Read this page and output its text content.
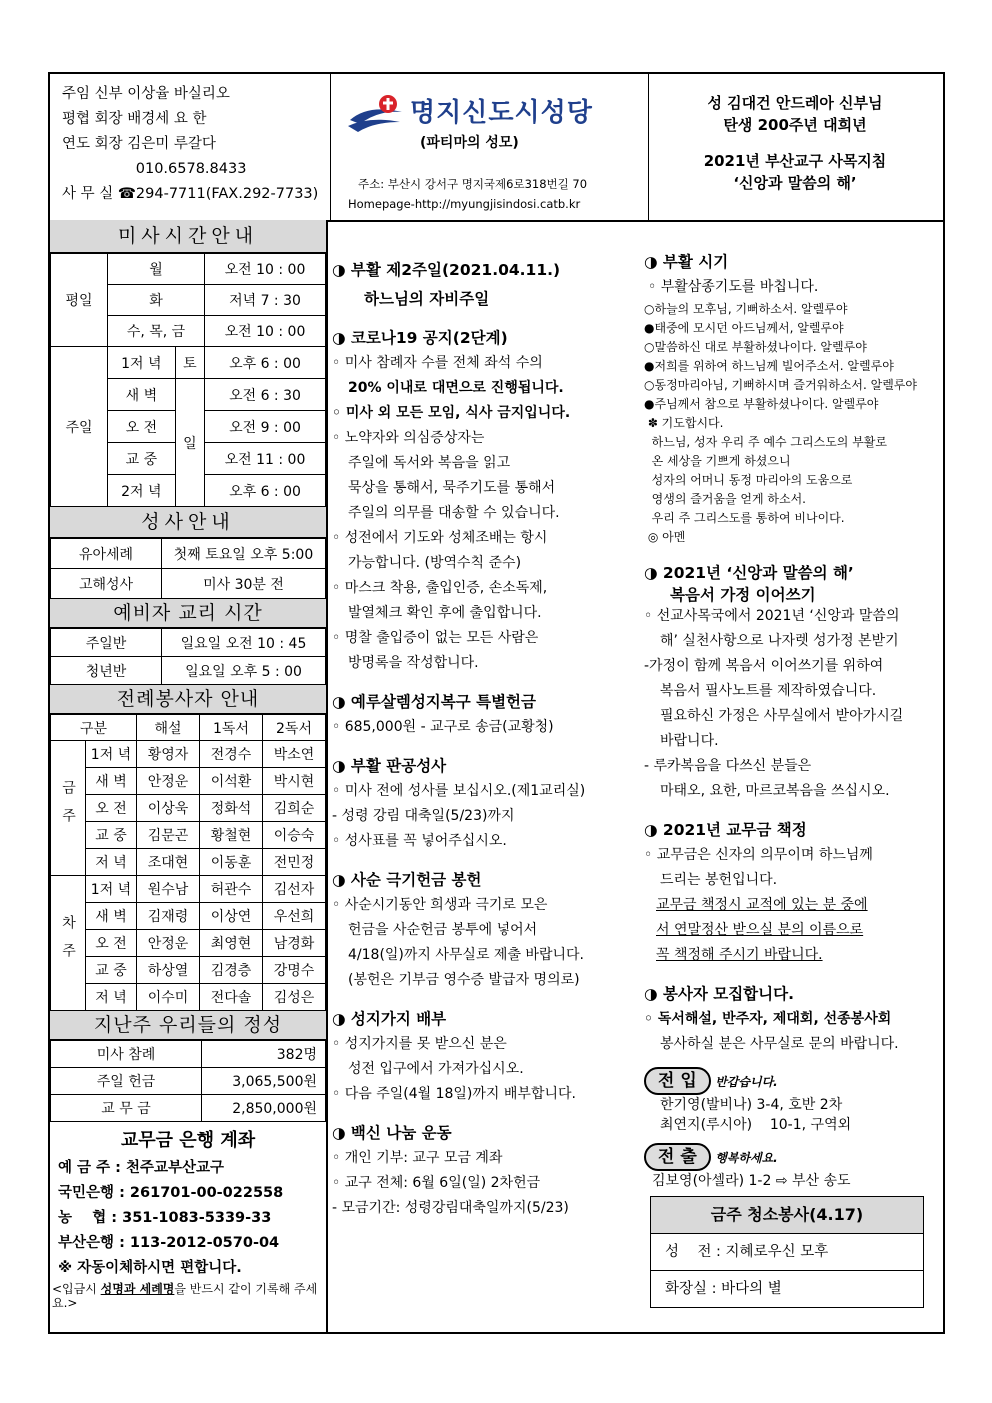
주임 신부 이상율 바실리오
평협 회장 배경세 요 한
연도 회장 김은미 루갈다
010.6578.8433
사 무 실 ☎294-7711(FAX.292-7733)
명지신도시성당
(파티마의 성모)
주소: 부산시 강서구 명지국제6로318번길 70
Homepage-http://myungjisindosi.catb.kr
성 김대건 안드레아 신부님
탄생 200주년 대희년
2021년 부산교구 사목지침
‘신앙과 말씀의 해’
미사시간안내
평일	월		오전 10 : 00
	화		저녁 7 : 30
	수, 목, 금		오전 10 : 00
주일	1저 녁	토	오후 6 : 00
	새 벽	일	오전 6 : 30
	오 전		오전 9 : 00
	교 중		오전 11 : 00
	2저 녁		오후 6 : 00
성사안내
유아세례	첫째 토요일 오후 5:00
고해성사	미사 30분 전
예비자 교리 시간
주일반	일요일 오전 10 : 45
청년반	일요일 오후 5 : 00
전례봉사자 안내
구분		해설	1독서	2독서
금주	1저 녁	황영자	전경수	박소연
	새 벽	안정운	이석환	박시현
	오 전	이상욱	정화석	김희순
	교 중	김문곤	황철현	이승숙
	저 녁	조대현	이동훈	전민정
차주	1저 녁	원수남	허관수	김선자
	새 벽	김재령	이상연	우선희
	오 전	안정운	최영현	남경화
	교 중	하상열	김경층	강명수
	저 녁	이수미	전다솔	김성은
지난주 우리들의 정성
미사 참례	382명
주일 헌금	3,065,500원
교 무 금	2,850,000원
교무금 은행 계좌
예 금 주 : 천주교부산교구
국민은행 : 261701-00-022558
농    협 : 351-1083-5339-33
부산은행 : 113-2012-0570-04
※ 자동이체하시면 편합니다.
<입금시 성명과 세례명을 반드시 같이 기록해 주세요.>
◑ 부활 제2주일(2021.04.11.)
하느님의 자비주일
◑ 코로나19 공지(2단계)
◦ 미사 참례자 수를 전체 좌석 수의
20% 이내로 대면으로 진행됩니다.
◦ 미사 외 모든 모임, 식사 금지입니다.
◦ 노약자와 의심증상자는
주일에 독서와 복음을 읽고
묵상을 통해서, 묵주기도를 통해서
주일의 의무를 대송할 수 있습니다.
◦ 성전에서 기도와 성체조배는 항시
가능합니다. (방역수칙 준수)
◦ 마스크 착용, 출입인증, 손소독제,
발열체크 확인 후에 출입합니다.
◦ 명찰 출입증이 없는 모든 사람은
방명록을 작성합니다.
◑ 예루살렘성지복구 특별헌금
◦ 685,000원 - 교구로 송금(교황청)
◑ 부활 판공성사
◦ 미사 전에 성사를 보십시오.(제1교리실)
- 성령 강림 대축일(5/23)까지
◦ 성사표를 꼭 넣어주십시오.
◑ 사순 극기헌금 봉헌
◦ 사순시기동안 희생과 극기로 모은
헌금을 사순헌금 봉투에 넣어서
4/18(일)까지 사무실로 제출 바랍니다.
(봉헌은 기부금 영수증 발급자 명의로)
◑ 성지가지 배부
◦ 성지가지를 못 받으신 분은
성전 입구에서 가져가십시오.
◦ 다음 주일(4월 18일)까지 배부합니다.
◑ 백신 나눔 운동
◦ 개인 기부: 교구 모금 계좌
◦ 교구 전체: 6월 6일(일) 2차헌금
- 모금기간: 성령강림대축일까지(5/23)
◑ 부활 시기
◦ 부활삼종기도를 바칩니다.
○하늘의 모후님, 기뻐하소서. 알렐루야
●태중에 모시던 아드님께서, 알렐루야
○말씀하신 대로 부활하셨나이다. 알렐루야
●저희를 위하여 하느님께 빌어주소서. 알렐루야
○동정마리아님, 기뻐하시며 즐거워하소서. 알렐루야
●주님께서 참으로 부활하셨나이다. 알렐루야
✽ 기도합시다.
하느님, 성자 우리 주 예수 그리스도의 부활로
온 세상을 기쁘게 하셨으니
성자의 어머니 동정 마리아의 도움으로
영생의 즐거움을 얻게 하소서.
우리 주 그리스도를 통하여 비나이다.
◎ 아멘
◑ 2021년 ‘신앙과 말씀의 해’
복음서 가정 이어쓰기
◦ 선교사목국에서 2021년 ‘신앙과 말씀의
해’ 실천사항으로 나자렛 성가정 본받기
-가정이 함께 복음서 이어쓰기를 위하여
복음서 필사노트를 제작하였습니다.
필요하신 가정은 사무실에서 받아가시길
바랍니다.
- 루카복음을 다쓰신 분들은
마태오, 요한, 마르코복음을 쓰십시오.
◑ 2021년 교무금 책정
◦ 교무금은 신자의 의무이며 하느님께
드리는 봉헌입니다.
교무금 책정시 교적에 있는 분 중에
서 연말정산 받으실 분의 이름으로
꼭 책정해 주시기 바랍니다.
◑ 봉사자 모집합니다.
◦ 독서해설, 반주자, 제대회, 선종봉사회
봉사하실 분은 사무실로 문의 바랍니다.
전 입 반갑습니다.
한기영(발비나) 3-4, 호반 2차
최연지(루시아)    10-1, 구역외
전 출 행복하세요.
김보영(아셀라) 1-2 ⇨ 부산 송도
금주 청소봉사(4.17)
성    전 : 지혜로우신 모후
화장실 : 바다의 별
